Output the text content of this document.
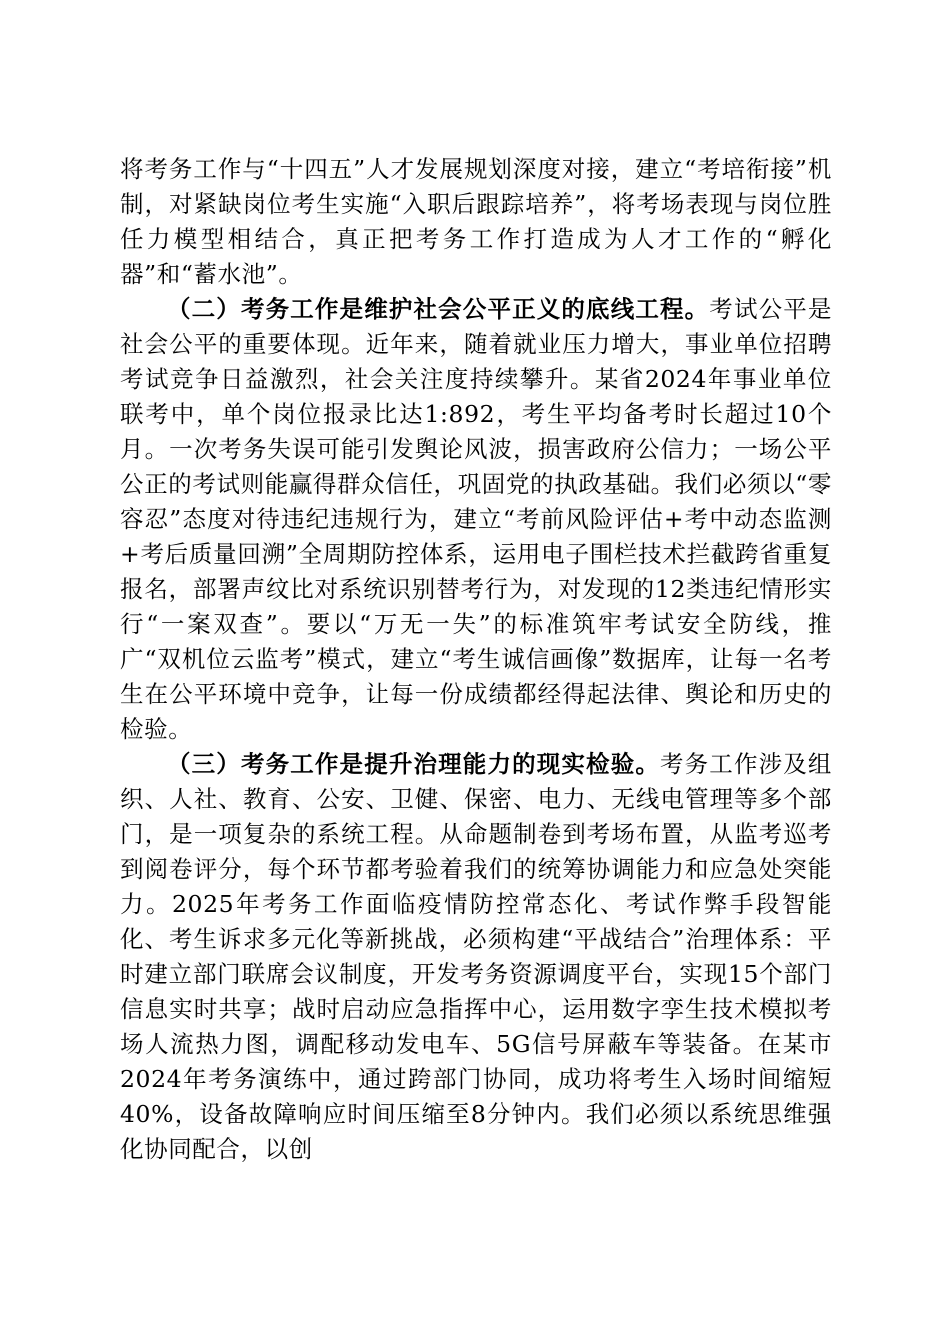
将考务工作与“十四五”人才发展规划深度对接，建立“考培衔接”机制，对紧缺岗位考生实施“入职后跟踪培养”，将考场表现与岗位胜任力模型相结合，真正把考务工作打造成为人才工作的“孵化器”和“蓄水池”。

（二）考务工作是维护社会公平正义的底线工程。考试公平是社会公平的重要体现。近年来，随着就业压力增大，事业单位招聘考试竞争日益激烈，社会关注度持续攀升。某省2024年事业单位联考中，单个岗位报录比达1:892，考生平均备考时长超过10个月。一次考务失误可能引发舆论风波，损害政府公信力；一场公平公正的考试则能赢得群众信任，巩固党的执政基础。我们必须以“零容忍”态度对待违纪违规行为，建立“考前风险评估+考中动态监测+考后质量回溯”全周期防控体系，运用电子围栏技术拦截跨省重复报名，部署声纹比对系统识别替考行为，对发现的12类违纪情形实行“一案双查”。要以“万无一失”的标准筑牢考试安全防线，推广“双机位云监考”模式，建立“考生诚信画像”数据库，让每一名考生在公平环境中竞争，让每一份成绩都经得起法律、舆论和历史的检验。

（三）考务工作是提升治理能力的现实检验。考务工作涉及组织、人社、教育、公安、卫健、保密、电力、无线电管理等多个部门，是一项复杂的系统工程。从命题制卷到考场布置，从监考巡考到阅卷评分，每个环节都考验着我们的统筹协调能力和应急处突能力。2025年考务工作面临疫情防控常态化、考试作弊手段智能化、考生诉求多元化等新挑战，必须构建“平战结合”治理体系：平时建立部门联席会议制度，开发考务资源调度平台，实现15个部门信息实时共享；战时启动应急指挥中心，运用数字孪生技术模拟考场人流热力图，调配移动发电车、5G信号屏蔽车等装备。在某市2024年考务演练中，通过跨部门协同，成功将考生入场时间缩短40%，设备故障响应时间压缩至8分钟内。我们必须以系统思维强化协同配合，以创
